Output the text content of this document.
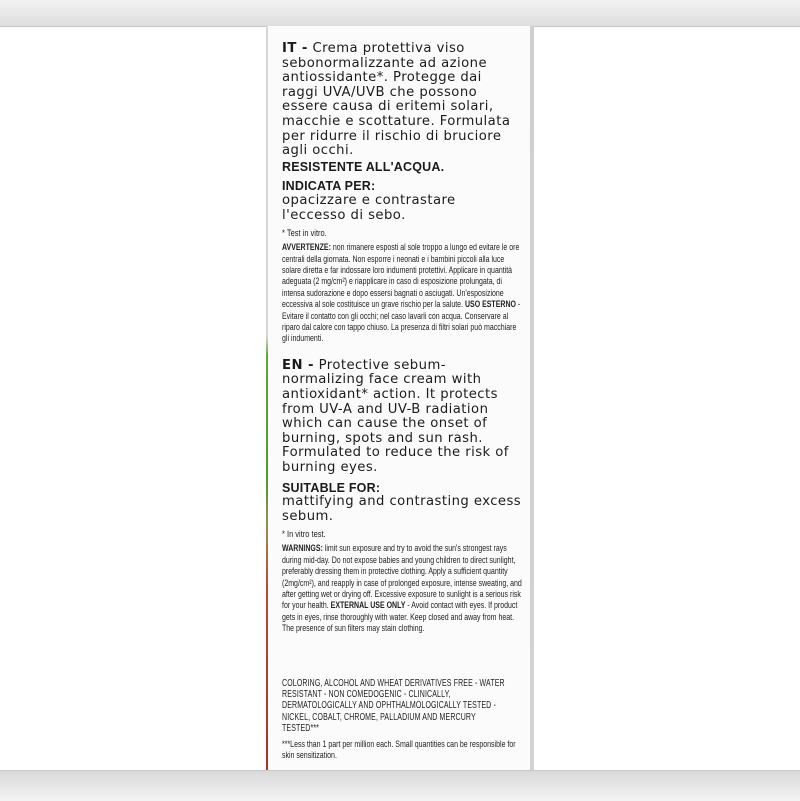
IT - Crema protettiva viso sebonormalizzante ad azione antiossidante*. Protegge dai raggi UVA/UVB che possono essere causa di eritemi solari, macchie e scottature. Formulata per ridurre il rischio di bruciore agli occhi.

RESISTENTE ALL'ACQUA.

INDICATA PER:

opacizzare e contrastare l'eccesso di sebo.

* Test in vitro.

AVVERTENZE: non rimanere esposti al sole troppo a lungo ed evitare le ore centrali della giornata. Non esporre i neonati e i bambini piccoli alla luce solare diretta e far indossare loro indumenti protettivi. Applicare in quantità adeguata (2 mg/cm²) e riapplicare in caso di esposizione prolungata, di intensa sudorazione e dopo essersi bagnati o asciugati. Un'esposizione eccessiva al sole costituisce un grave rischio per la salute. USO ESTERNO - Evitare il contatto con gli occhi; nel caso lavarli con acqua. Conservare al riparo dal calore con tappo chiuso. La presenza di filtri solari può macchiare gli indumenti.

EN - Protective sebum-normalizing face cream with antioxidant* action. It protects from UV-A and UV-B radiation which can cause the onset of burning, spots and sun rash. Formulated to reduce the risk of burning eyes.

SUITABLE FOR:

mattifying and contrasting excess sebum.

* In vitro test.

WARNINGS: limit sun exposure and try to avoid the sun's strongest rays during mid-day. Do not expose babies and young children to direct sunlight, preferably dressing them in protective clothing. Apply a sufficient quantity (2mg/cm²), and reapply in case of prolonged exposure, intense sweating, and after getting wet or drying off. Excessive exposure to sunlight is a serious risk for your health. EXTERNAL USE ONLY - Avoid contact with eyes. If product gets in eyes, rinse thoroughly with water. Keep closed and away from heat. The presence of sun filters may stain clothing.
COLORING, ALCOHOL AND WHEAT DERIVATIVES FREE - WATER RESISTANT - NON COMEDOGENIC - CLINICALLY, DERMATOLOGICALLY AND OPHTHALMOLOGICALLY TESTED - NICKEL, COBALT, CHROME, PALLADIUM AND MERCURY TESTED***
***Less than 1 part per million each. Small quantities can be responsible for skin sensitization.
